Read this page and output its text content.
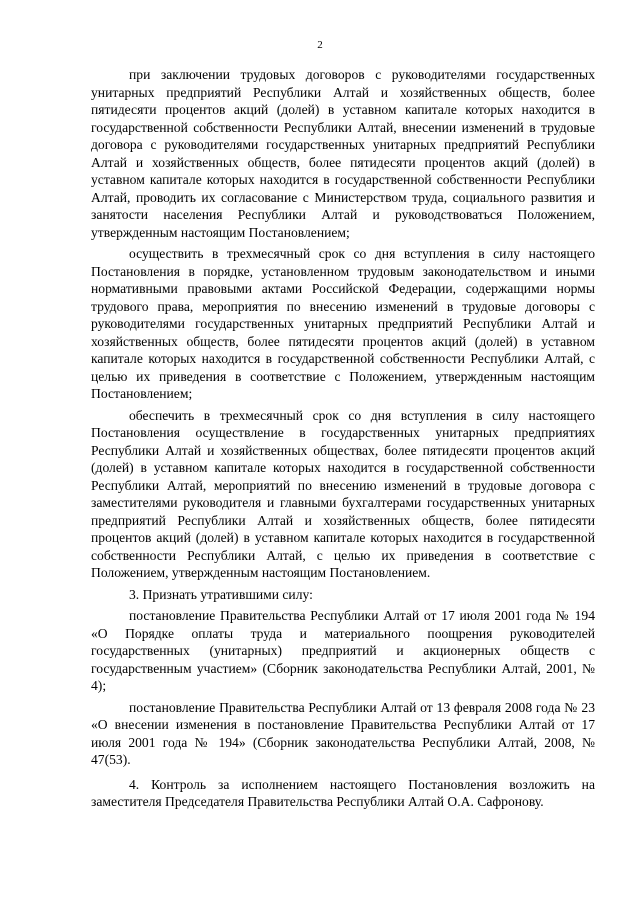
2

при заключении трудовых договоров с руководителями государственных унитарных предприятий Республики Алтай и хозяйственных обществ, более пятидесяти процентов акций (долей) в уставном капитале которых находится в государственной собственности Республики Алтай, внесении изменений в трудовые договора с руководителями государственных унитарных предприятий Республики Алтай и хозяйственных обществ, более пятидесяти процентов акций (долей) в уставном капитале которых находится в государственной собственности Республики Алтай, проводить их согласование с Министерством труда, социального развития и занятости населения Республики Алтай и руководствоваться Положением, утвержденным настоящим Постановлением;

осуществить в трехмесячный срок со дня вступления в силу настоящего Постановления в порядке, установленном трудовым законодательством и иными нормативными правовыми актами Российской Федерации, содержащими нормы трудового права, мероприятия по внесению изменений в трудовые договоры с руководителями государственных унитарных предприятий Республики Алтай и хозяйственных обществ, более пятидесяти процентов акций (долей) в уставном капитале которых находится в государственной собственности Республики Алтай, с целью их приведения в соответствие с Положением, утвержденным настоящим Постановлением;

обеспечить в трехмесячный срок со дня вступления в силу настоящего Постановления осуществление в государственных унитарных предприятиях Республики Алтай и хозяйственных обществах, более пятидесяти процентов акций (долей) в уставном капитале которых находится в государственной собственности Республики Алтай, мероприятий по внесению изменений в трудовые договора с заместителями руководителя и главными бухгалтерами государственных унитарных предприятий Республики Алтай и хозяйственных обществ, более пятидесяти процентов акций (долей) в уставном капитале которых находится в государственной собственности Республики Алтай, с целью их приведения в соответствие с Положением, утвержденным настоящим Постановлением.

3. Признать утратившими силу:

постановление Правительства Республики Алтай от 17 июля 2001 года № 194 «О Порядке оплаты труда и материального поощрения руководителей государственных (унитарных) предприятий и акционерных обществ с государственным участием» (Сборник законодательства Республики Алтай, 2001, № 4);

постановление Правительства Республики Алтай от 13 февраля 2008 года № 23 «О внесении изменения в постановление Правительства Республики Алтай от 17 июля 2001 года № 194» (Сборник законодательства Республики Алтай, 2008, № 47(53).

4. Контроль за исполнением настоящего Постановления возложить на заместителя Председателя Правительства Республики Алтай О.А. Сафронову.
